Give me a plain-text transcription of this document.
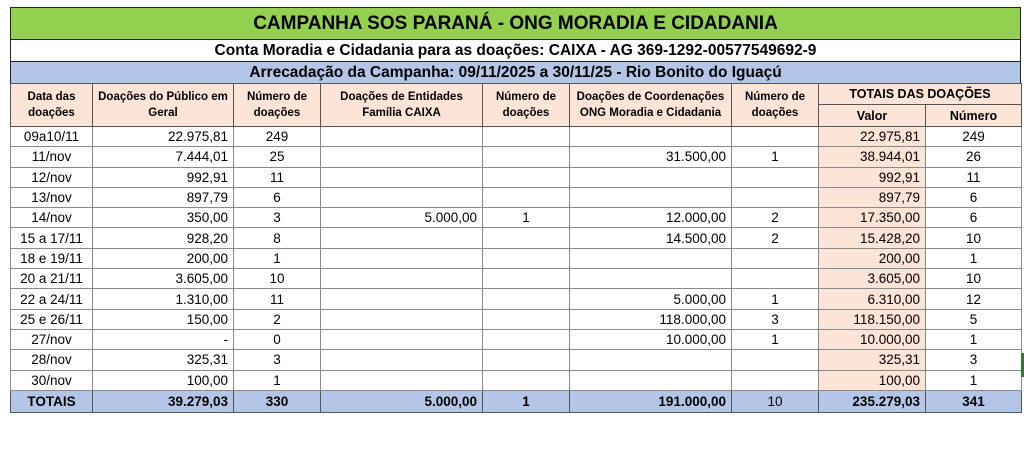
CAMPANHA SOS PARANÁ - ONG MORADIA E CIDADANIA
Conta Moradia e Cidadania para as doações: CAIXA - AG 369-1292-00577549692-9
Arrecadação da Campanha: 09/11/2025 a 30/11/25 - Rio Bonito do Iguaçú
Data das doações	Doações do Público em Geral	Número de doações	Doações de Entidades Família CAIXA	Número de doações	Doações de Coordenações ONG Moradia e Cidadania	Número de doações	TOTAIS DAS DOAÇÕES	
							Valor	Número
09a10/11	22.975,81	249					22.975,81	249
11/nov	7.444,01	25			31.500,00	1	38.944,01	26
12/nov	992,91	11					992,91	11
13/nov	897,79	6					897,79	6
14/nov	350,00	3	5.000,00	1	12.000,00	2	17.350,00	6
15 a 17/11	928,20	8			14.500,00	2	15.428,20	10
18 e 19/11	200,00	1					200,00	1
20 a 21/11	3.605,00	10					3.605,00	10
22 a 24/11	1.310,00	11			5.000,00	1	6.310,00	12
25 e 26/11	150,00	2			118.000,00	3	118.150,00	5
27/nov	-	0			10.000,00	1	10.000,00	1
28/nov	325,31	3					325,31	3
30/nov	100,00	1					100,00	1
TOTAIS	39.279,03	330	5.000,00	1	191.000,00	10	235.279,03	341
